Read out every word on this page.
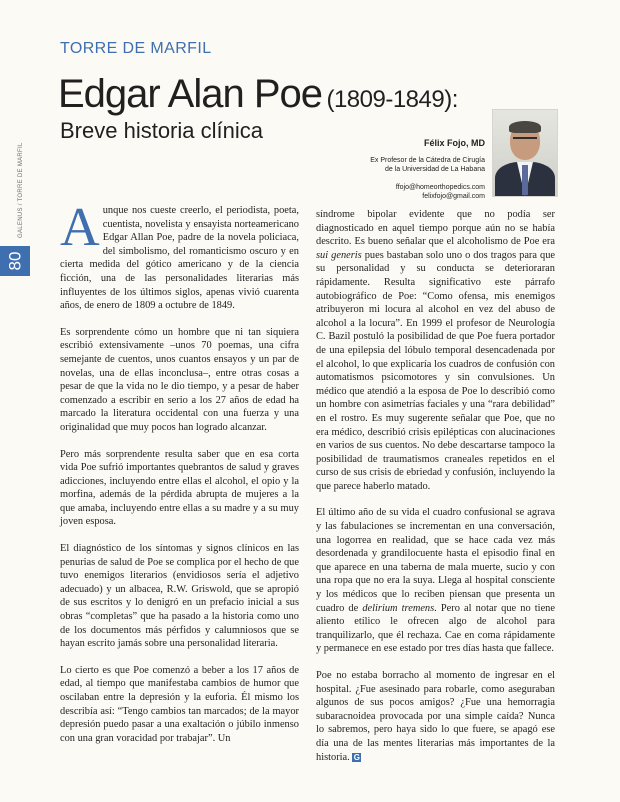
GALENUS / TORRE DE MARFIL
80
TORRE DE MARFIL
Edgar Alan Poe (1809-1849):
Breve historia clínica	Félix Fojo, MD
Ex Profesor de la Cátedra de Cirugía
de la Universidad de La Habana
ffojo@homeorthopedics.com
felixfojo@gmail.com

Aunque nos cueste creerlo, el periodista, poeta, cuentista, novelista y ensayista norteamericano Edgar Allan Poe, padre de la novela policiaca, del simbolismo, del romanticismo oscuro y en cierta medida del gótico americano y de la ciencia ficción, una de las personalidades literarias más influyentes de los últimos siglos, apenas vivió cuarenta años, de enero de 1809 a octubre de 1849.

Es sorprendente cómo un hombre que ni tan siquiera escribió extensivamente –unos 70 poemas, una cifra semejante de cuentos, unos cuantos ensayos y un par de novelas, una de ellas inconclusa–, entre otras cosas a pesar de que la vida no le dio tiempo, y a pesar de haber comenzado a escribir en serio a los 27 años de edad ha marcado la literatura occidental con una fuerza y una originalidad que muy pocos han logrado alcanzar.

Pero más sorprendente resulta saber que en esa corta vida Poe sufrió importantes quebrantos de salud y graves adicciones, incluyendo entre ellas el alcohol, el opio y la morfina, además de la pérdida abrupta de mujeres a la que amaba, incluyendo entre ellas a su madre y a su muy joven esposa.

El diagnóstico de los síntomas y signos clínicos en las penurias de salud de Poe se complica por el hecho de que tuvo enemigos literarios (envidiosos sería el adjetivo adecuado) y un albacea, R.W. Griswold, que se apropió de sus escritos y lo denigró en un prefacio inicial a sus obras “completas” que ha pasado a la historia como uno de los documentos más pérfidos y calumniosos que se hayan escrito jamás sobre una personalidad literaria.

Lo cierto es que Poe comenzó a beber a los 17 años de edad, al tiempo que manifestaba cambios de humor que oscilaban entre la depresión y la euforia. Él mismo los describía así: “Tengo cambios tan marcados; de la mayor depresión puedo pasar a una exaltación o júbilo inmenso con una gran voracidad por trabajar”. Un

síndrome bipolar evidente que no podía ser diagnosticado en aquel tiempo porque aún no se había descrito. Es bueno señalar que el alcoholismo de Poe era sui generis pues bastaban solo uno o dos tragos para que su personalidad y su conducta se deterioraran rápidamente. Resulta significativo este párrafo autobiográfico de Poe: “Como ofensa, mis enemigos atribuyeron mi locura al alcohol en vez del abuso de alcohol a la locura”. En 1999 el profesor de Neurología C. Bazil postuló la posibilidad de que Poe fuera portador de una epilepsia del lóbulo temporal desencadenada por el alcohol, lo que explicaría los cuadros de confusión con automatismos psicomotores y sin convulsiones. Un médico que atendió a la esposa de Poe lo describió como un hombre con asimetrías faciales y una “rara debilidad” en el rostro. Es muy sugerente señalar que Poe, que no era médico, describió crisis epilépticas con alucinaciones en varios de sus cuentos. No debe descartarse tampoco la posibilidad de traumatismos craneales repetidos en el curso de sus crisis de ebriedad y confusión, incluyendo la que parece haberlo matado.

El último año de su vida el cuadro confusional se agrava y las fabulaciones se incrementan en una conversación, una logorrea en realidad, que se hace cada vez más desordenada y grandilocuente hasta el episodio final en que aparece en una taberna de mala muerte, sucio y con una ropa que no era la suya. Llega al hospital consciente y los médicos que lo reciben piensan que presenta un cuadro de delirium tremens. Pero al notar que no tiene aliento etílico le ofrecen algo de alcohol para tranquilizarlo, que él rechaza. Cae en coma rápidamente y permanece en ese estado por tres días hasta que fallece.

Poe no estaba borracho al momento de ingresar en el hospital. ¿Fue asesinado para robarle, como aseguraban algunos de sus pocos amigos? ¿Fue una hemorragia subaracnoidea provocada por una simple caída? Nunca lo sabremos, pero haya sido lo que fuere, se apagó ese día una de las mentes literarias más importantes de la historia. G
